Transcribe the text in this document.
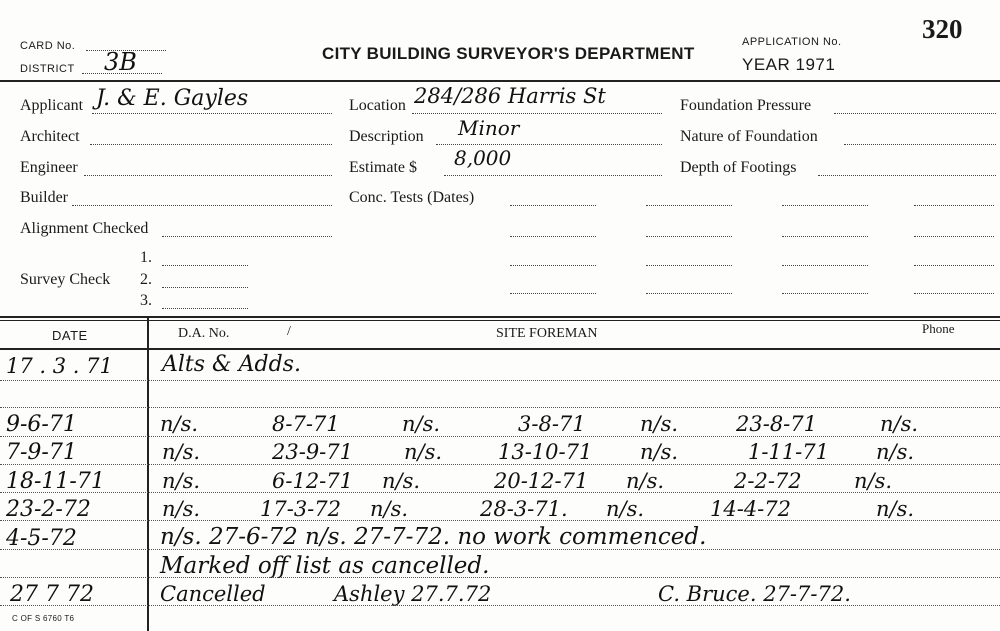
CARD No.
DISTRICT 3B	CITY BUILDING SURVEYOR'S DEPARTMENT
APPLICATION No.	320
YEAR 1971
Applicant J. & E. Gayles
Architect
Engineer
Builder
Alignment Checked
Survey Check
1.
2.
3.
Location 284/286 Harris St
Description Minor
Estimate $ 8,000
Conc. Tests (Dates)
Foundation Pressure
Nature of Foundation
Depth of Footings
DATE	D.A. No.	/	SITE FOREMAN	Phone
17 . 3 . 71 Alts & Adds.
9-6-71	n/s.	8-7-71	n/s.	3-8-71	n/s.	23-8-71	n/s.
7-9-71	n/s.	23-9-71 n/s.	13-10-71 n/s.	1-11-71 n/s.
18-11-71	n/s.	6-12-71 n/s.	20-12-71 n/s.	2-2-72 n/s.
23-2-72	n/s.	17-3-72 n/s.	28-3-71. n/s.	14-4-72	n/s.
4-5-72	n/s. 27-6-72 n/s. 27-7-72. no work commenced.
Marked off list as cancelled.
27 7 72	Cancelled	Ashley 27.7.72	C. Bruce. 27-7-72.
C OF S 6760 T6
